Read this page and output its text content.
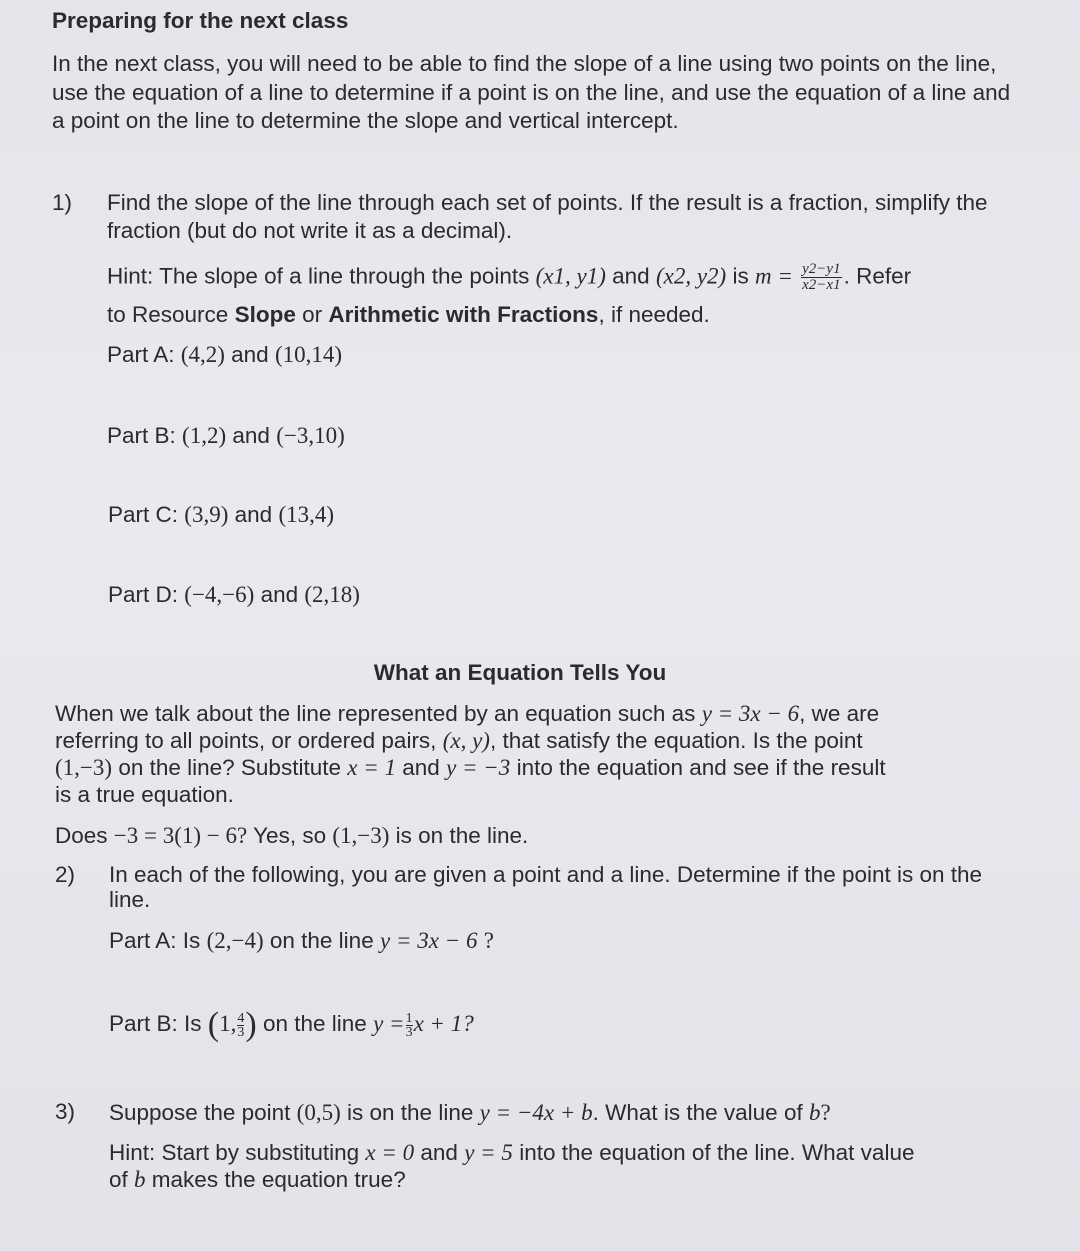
Preparing for the next class
In the next class, you will need to be able to find the slope of a line using two points on the line, use the equation of a line to determine if a point is on the line, and use the equation of a line and a point on the line to determine the slope and vertical intercept.
1) Find the slope of the line through each set of points. If the result is a fraction, simplify the fraction (but do not write it as a decimal).
Hint: The slope of a line through the points (x1, y1) and (x2, y2) is $m = \frac{y2-y1}{x2-x1}$ . Refer
to Resource Slope or Arithmetic with Fractions, if needed.
Part A: (4,2) and (10,14)
Part B: (1,2) and (−3,10)
Part C: (3,9) and (13,4)
Part D: (−4,−6) and (2,18)
What an Equation Tells You
When we talk about the line represented by an equation such as y = 3x − 6, we are
referring to all points, or ordered pairs, (x, y), that satisfy the equation. Is the point
(1,−3) on the line? Substitute x = 1 and y = −3 into the equation and see if the result
is a true equation.
Does −3 = 3(1) − 6? Yes, so (1,−3) is on the line.
2) In each of the following, you are given a point and a line. Determine if the point is on the line.
Part A: Is (2,−4) on the line y = 3x − 6 ?
Part B: Is (1, $\frac{4}{3}$) on the line $y = \frac{1}{3}x + 1$?
3) Suppose the point (0,5) is on the line y = −4x + b. What is the value of b?
Hint: Start by substituting x = 0 and y = 5 into the equation of the line. What value
of b makes the equation true?
